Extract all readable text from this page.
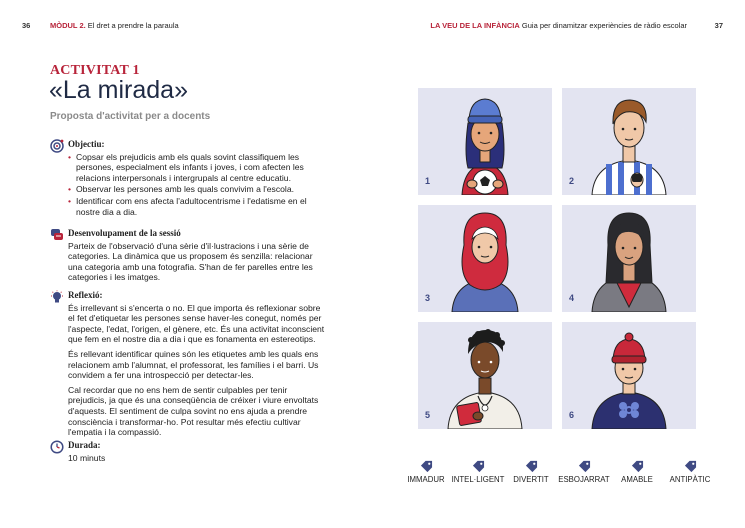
36	MÒDUL 2. El dret a prendre la paraula	LA VEU DE LA INFÀNCIA Guia per dinamitzar experiències de ràdio escolar	37
ACTIVITAT 1
«La mirada»
Proposta d'activitat per a docents
Objectiu:
• Copsar els prejudicis amb els quals sovint classifiquem les persones, especialment els infants i joves, i com afecten les relacions interpersonals i intergrupals al centre educatiu.
• Observar les persones amb les quals convivim a l'escola.
• Identificar com ens afecta l'adultocentrisme i l'edatisme en el nostre dia a dia.
Desenvolupament de la sessió

Parteix de l'observació d'una sèrie d'il·lustracions i una sèrie de categories. La dinàmica que us proposem és senzilla: relacionar una categoria amb una fotografia. S'han de fer parelles entre les categories i les imatges.

Reflexió:

És irrellevant si s'encerta o no. El que importa és reflexionar sobre el fet d'etiquetar les persones sense haver-les conegut, només per l'aspecte, l'edat, l'origen, el gènere, etc. És una activitat inconscient que fem en el nostre dia a dia i que es fonamenta en estereotips.

És rellevant identificar quines són les etiquetes amb les quals ens relacionem amb l'alumnat, el professorat, les famílies i el barri. Us convidem a fer una introspecció per detectar-les.

Cal recordar que no ens hem de sentir culpables per tenir prejudicis, ja que és una conseqüència de créixer i viure envoltats d'aquests. El sentiment de culpa sovint no ens ajuda a prendre consciència i transformar-ho. Pot resultar més efectiu cultivar l'empatia i la compassió.

Durada:

10 minuts

1	2
3	4
5	6
IMMADUR INTEL·LIGENT	DIVERTIT	ESBOJARRAT	AMABLE	ANTIPÀTIC
